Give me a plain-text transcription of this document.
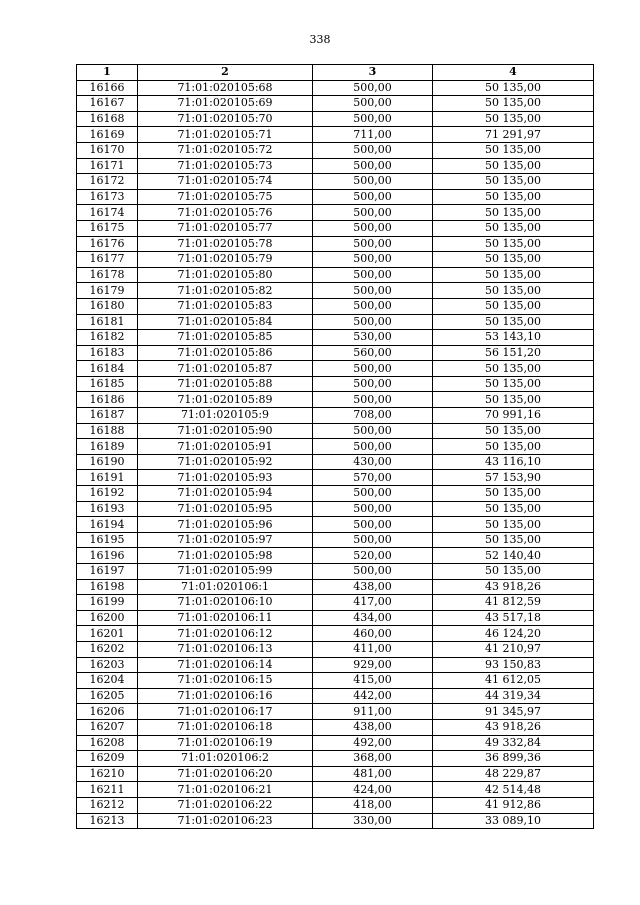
338
1	2	3	4
16166	71:01:020105:68	500,00	50 135,00
16167	71:01:020105:69	500,00	50 135,00
16168	71:01:020105:70	500,00	50 135,00
16169	71:01:020105:71	711,00	71 291,97
16170	71:01:020105:72	500,00	50 135,00
16171	71:01:020105:73	500,00	50 135,00
16172	71:01:020105:74	500,00	50 135,00
16173	71:01:020105:75	500,00	50 135,00
16174	71:01:020105:76	500,00	50 135,00
16175	71:01:020105:77	500,00	50 135,00
16176	71:01:020105:78	500,00	50 135,00
16177	71:01:020105:79	500,00	50 135,00
16178	71:01:020105:80	500,00	50 135,00
16179	71:01:020105:82	500,00	50 135,00
16180	71:01:020105:83	500,00	50 135,00
16181	71:01:020105:84	500,00	50 135,00
16182	71:01:020105:85	530,00	53 143,10
16183	71:01:020105:86	560,00	56 151,20
16184	71:01:020105:87	500,00	50 135,00
16185	71:01:020105:88	500,00	50 135,00
16186	71:01:020105:89	500,00	50 135,00
16187	71:01:020105:9	708,00	70 991,16
16188	71:01:020105:90	500,00	50 135,00
16189	71:01:020105:91	500,00	50 135,00
16190	71:01:020105:92	430,00	43 116,10
16191	71:01:020105:93	570,00	57 153,90
16192	71:01:020105:94	500,00	50 135,00
16193	71:01:020105:95	500,00	50 135,00
16194	71:01:020105:96	500,00	50 135,00
16195	71:01:020105:97	500,00	50 135,00
16196	71:01:020105:98	520,00	52 140,40
16197	71:01:020105:99	500,00	50 135,00
16198	71:01:020106:1	438,00	43 918,26
16199	71:01:020106:10	417,00	41 812,59
16200	71:01:020106:11	434,00	43 517,18
16201	71:01:020106:12	460,00	46 124,20
16202	71:01:020106:13	411,00	41 210,97
16203	71:01:020106:14	929,00	93 150,83
16204	71:01:020106:15	415,00	41 612,05
16205	71:01:020106:16	442,00	44 319,34
16206	71:01:020106:17	911,00	91 345,97
16207	71:01:020106:18	438,00	43 918,26
16208	71:01:020106:19	492,00	49 332,84
16209	71:01:020106:2	368,00	36 899,36
16210	71:01:020106:20	481,00	48 229,87
16211	71:01:020106:21	424,00	42 514,48
16212	71:01:020106:22	418,00	41 912,86
16213	71:01:020106:23	330,00	33 089,10
